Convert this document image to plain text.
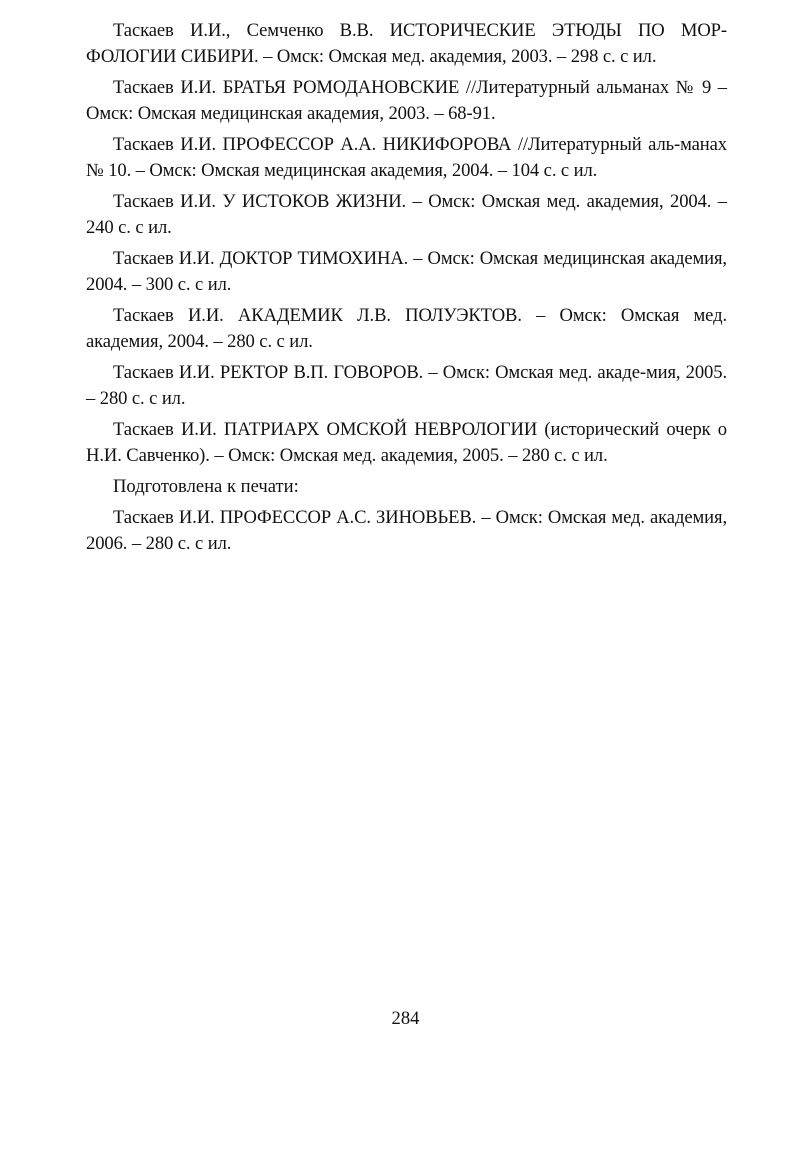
Таскаев И.И., Семченко В.В. ИСТОРИЧЕСКИЕ ЭТЮДЫ ПО МОР-ФОЛОГИИ СИБИРИ. – Омск: Омская мед. академия, 2003. – 298 с. с ил.

Таскаев И.И. БРАТЬЯ РОМОДАНОВСКИЕ //Литературный альманах № 9 – Омск: Омская медицинская академия, 2003. – 68-91.

Таскаев И.И. ПРОФЕССОР А.А. НИКИФОРОВА //Литературный аль-манах № 10. – Омск: Омская медицинская академия, 2004. – 104 с. с ил.

Таскаев И.И. У ИСТОКОВ ЖИЗНИ. – Омск: Омская мед. академия, 2004. – 240 с. с ил.

Таскаев И.И. ДОКТОР ТИМОХИНА. – Омск: Омская медицинская академия, 2004. – 300 с. с ил.

Таскаев И.И. АКАДЕМИК Л.В. ПОЛУЭКТОВ. – Омск: Омская мед. академия, 2004. – 280 с. с ил.

Таскаев И.И. РЕКТОР В.П. ГОВОРОВ. – Омск: Омская мед. акаде-мия, 2005. – 280 с. с ил.

Таскаев И.И. ПАТРИАРХ ОМСКОЙ НЕВРОЛОГИИ (исторический очерк о Н.И. Савченко). – Омск: Омская мед. академия, 2005. – 280 с. с ил.

Подготовлена к печати:

Таскаев И.И. ПРОФЕССОР А.С. ЗИНОВЬЕВ. – Омск: Омская мед. академия, 2006. – 280 с. с ил.

284
